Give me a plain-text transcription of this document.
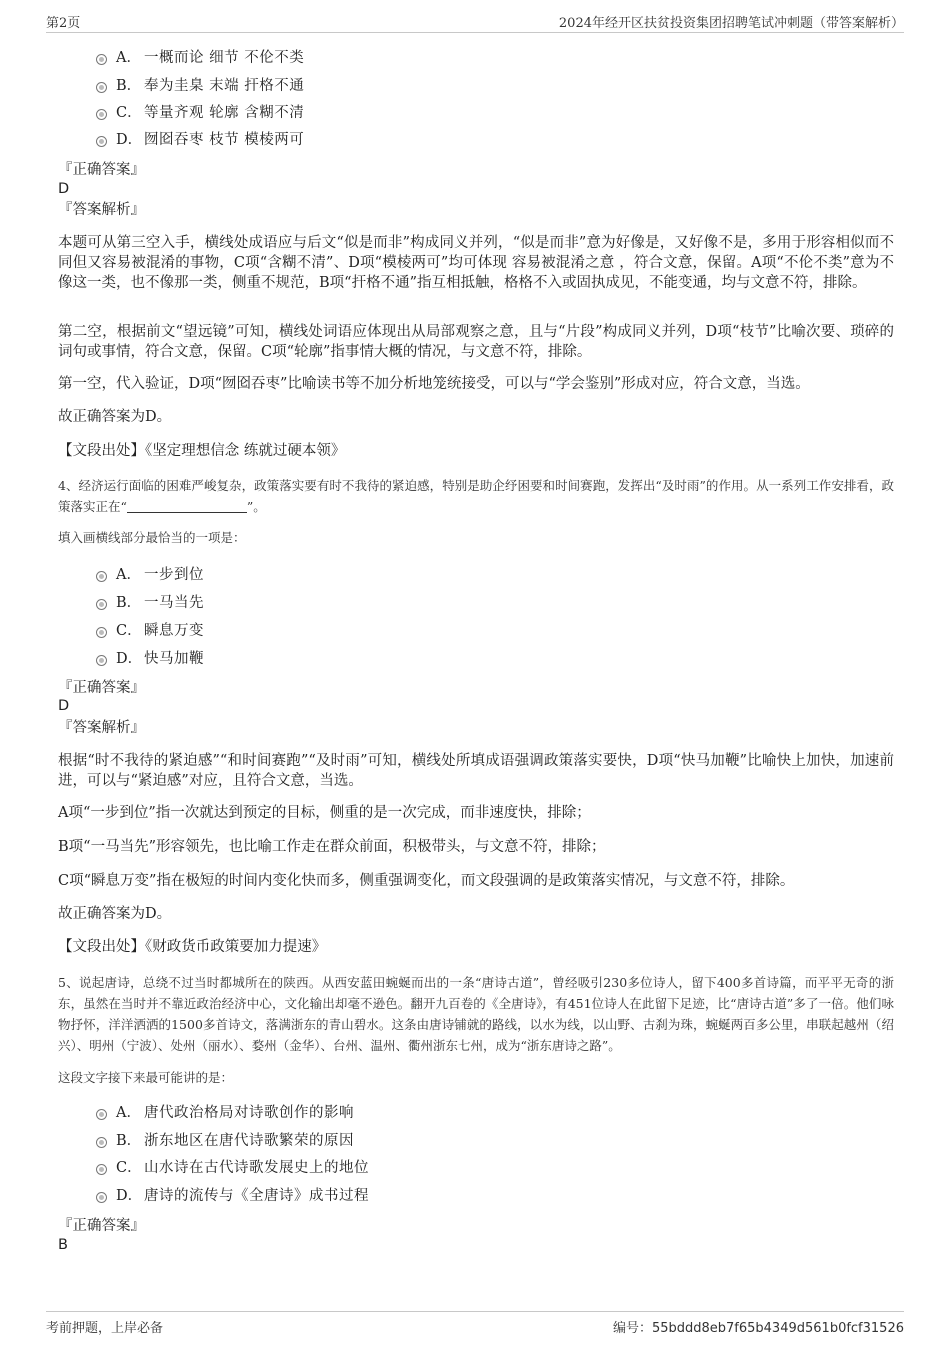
第2页	2024年经开区扶贫投资集团招聘笔试冲刺题（带答案解析）
A． 一概而论 细节 不伦不类
B． 奉为圭臬 末端 扞格不通
C． 等量齐观 轮廓 含糊不清
D． 囫囵吞枣 枝节 模棱两可
『正确答案』
D
『答案解析』
本题可从第三空入手，横线处成语应与后文“似是而非”构成同义并列，“似是而非”意为好像是，又好像不是，多用于形容相似而不同但又容易被混淆的事物，C项“含糊不清”、D项“模棱两可”均可体现 容易被混淆之意 ，符合文意，保留。A项“不伦不类”意为不像这一类，也不像那一类，侧重不规范，B项“扞格不通”指互相抵触，格格不入或固执成见，不能变通，均与文意不符，排除。
第二空，根据前文“望远镜”可知，横线处词语应体现出从局部观察之意，且与“片段”构成同义并列，D项“枝节”比喻次要、琐碎的词句或事情，符合文意，保留。C项“轮廓”指事情大概的情况，与文意不符，排除。
第一空，代入验证，D项“囫囵吞枣”比喻读书等不加分析地笼统接受，可以与“学会鉴别”形成对应，符合文意，当选。
故正确答案为D。
【文段出处】《坚定理想信念 练就过硬本领》
4、经济运行面临的困难严峻复杂，政策落实要有时不我待的紧迫感，特别是助企纾困要和时间赛跑，发挥出“及时雨”的作用。从一系列工作安排看，政策落实正在“	”。
填入画横线部分最恰当的一项是：
A． 一步到位
B． 一马当先
C． 瞬息万变
D． 快马加鞭
『正确答案』
D
『答案解析』
根据“时不我待的紧迫感”“和时间赛跑”“及时雨”可知，横线处所填成语强调政策落实要快，D项“快马加鞭”比喻快上加快，加速前进，可以与“紧迫感”对应，且符合文意，当选。
A项“一步到位”指一次就达到预定的目标，侧重的是一次完成，而非速度快，排除；
B项“一马当先”形容领先，也比喻工作走在群众前面，积极带头，与文意不符，排除；
C项“瞬息万变”指在极短的时间内变化快而多，侧重强调变化，而文段强调的是政策落实情况，与文意不符，排除。
故正确答案为D。
【文段出处】《财政货币政策要加力提速》
5、说起唐诗，总绕不过当时都城所在的陕西。从西安蓝田蜿蜒而出的一条“唐诗古道”，曾经吸引230多位诗人，留下400多首诗篇，而平平无奇的浙东，虽然在当时并不靠近政治经济中心，文化输出却毫不逊色。翻开九百卷的《全唐诗》，有451位诗人在此留下足迹，比“唐诗古道”多了一倍。他们咏物抒怀，洋洋洒洒的1500多首诗文，落满浙东的青山碧水。这条由唐诗铺就的路线，以水为线，以山野、古刹为珠，蜿蜒两百多公里，串联起越州（绍兴）、明州（宁波）、处州（丽水）、婺州（金华）、台州、温州、衢州浙东七州，成为“浙东唐诗之路”。
这段文字接下来最可能讲的是：
A． 唐代政治格局对诗歌创作的影响
B． 浙东地区在唐代诗歌繁荣的原因
C． 山水诗在古代诗歌发展史上的地位
D． 唐诗的流传与《全唐诗》成书过程
『正确答案』
B
考前押题，上岸必备	编号：55bddd8eb7f65b4349d561b0fcf31526
